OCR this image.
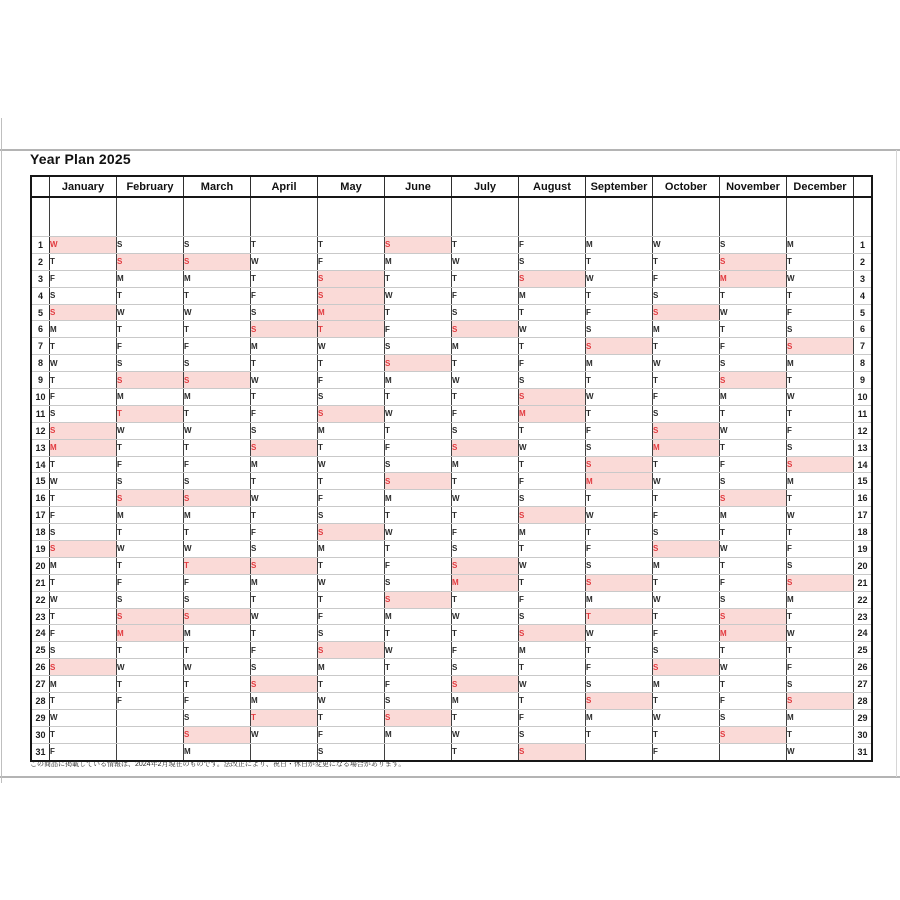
Year Plan 2025
	January	February	March	April	May	June	July	August	September	October	November	December	

1	W	S	S	T	T	S	T	F	M	W	S	M	1
2	T	S	S	W	F	M	W	S	T	T	S	T	2
3	F	M	M	T	S	T	T	S	W	F	M	W	3
4	S	T	T	F	S	W	F	M	T	S	T	T	4
5	S	W	W	S	M	T	S	T	F	S	W	F	5
6	M	T	T	S	T	F	S	W	S	M	T	S	6
7	T	F	F	M	W	S	M	T	S	T	F	S	7
8	W	S	S	T	T	S	T	F	M	W	S	M	8
9	T	S	S	W	F	M	W	S	T	T	S	T	9
10	F	M	M	T	S	T	T	S	W	F	M	W	10
11	S	T	T	F	S	W	F	M	T	S	T	T	11
12	S	W	W	S	M	T	S	T	F	S	W	F	12
13	M	T	T	S	T	F	S	W	S	M	T	S	13
14	T	F	F	M	W	S	M	T	S	T	F	S	14
15	W	S	S	T	T	S	T	F	M	W	S	M	15
16	T	S	S	W	F	M	W	S	T	T	S	T	16
17	F	M	M	T	S	T	T	S	W	F	M	W	17
18	S	T	T	F	S	W	F	M	T	S	T	T	18
19	S	W	W	S	M	T	S	T	F	S	W	F	19
20	M	T	T	S	T	F	S	W	S	M	T	S	20
21	T	F	F	M	W	S	M	T	S	T	F	S	21
22	W	S	S	T	T	S	T	F	M	W	S	M	22
23	T	S	S	W	F	M	W	S	T	T	S	T	23
24	F	M	M	T	S	T	T	S	W	F	M	W	24
25	S	T	T	F	S	W	F	M	T	S	T	T	25
26	S	W	W	S	M	T	S	T	F	S	W	F	26
27	M	T	T	S	T	F	S	W	S	M	T	S	27
28	T	F	F	M	W	S	M	T	S	T	F	S	28
29	W		S	T	T	S	T	F	M	W	S	M	29
30	T		S	W	F	M	W	S	T	T	S	T	30
31	F		M		S		T	S		F		W	31
この商品に掲載している情報は、2024年2月現在のものです。法改正により、祝日・休日が変更になる場合があります。
